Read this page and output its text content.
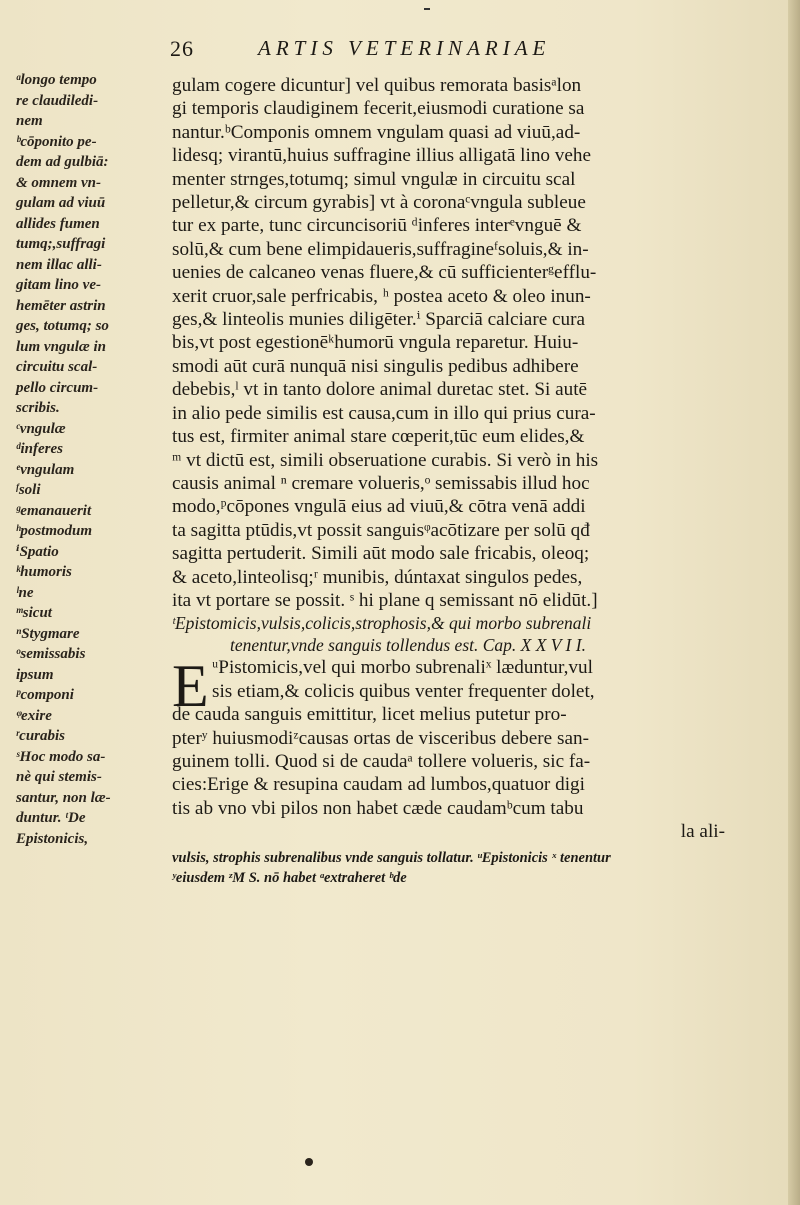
26	ARTIS VETERINARIAE
ᵃlongo tempo
re claudiledi-
nem
ᵇcōponito pe-
dem ad gulbiā:
& omnem vn-
gulam ad viuū
allides fumen
tumq;,suffragi
nem illac alli-
gitam lino ve-
hemēter astrin
ges, totumq; so
lum vngulæ in
circuitu scal-
pello circum-
scribis.
ᶜvngulæ
ᵈinferes
ᵉvngulam
ᶠsoli
ᵍemanauerit
ʰpostmodum
ⁱSpatio
ᵏhumoris
ˡne
ᵐsicut
ⁿStygmare
ᵒsemissabis
ipsum
ᵖcomponi
ᵠexire
ʳcurabis
ˢHoc modo sa-
nè qui stemis-
santur, non læ-
duntur. ᵗDe
Epistonicis,
gulam cogere dicuntur] vel quibus remorata basisᵃlon
gi temporis claudiginem fecerit,eiusmodi curatione sa
nantur.ᵇComponis omnem vngulam quasi ad viuū,ad-
lidesq; virantū,huius suffragine illius alligatā lino vehe
menter strnges,totumq; simul vngulæ in circuitu scal
pelletur,& circum gyrabis] vt à coronaᶜvngula subleue
tur ex parte, tunc circuncisoriū ᵈinferes interᵉvnguē &
solū,& cum bene elimpidaueris,suffragineᶠsoluis,& in-
uenies de calcaneo venas fluere,& cū sufficienterᵍefflu-
xerit cruor,sale perfricabis, ʰ postea aceto & oleo inun-
ges,& linteolis munies diligēter.ⁱ Sparciā calciare cura
bis,vt post egestionēᵏhumorū vngula reparetur. Huiu-
smodi aūt curā nunquā nisi singulis pedibus adhibere
debebis,ˡ vt in tanto dolore animal duretac stet. Si autē
in alio pede similis est causa,cum in illo qui prius cura-
tus est, firmiter animal stare cœperit,tūc eum elides,&
ᵐ vt dictū est, simili obseruatione curabis. Si verò in his
causis animal ⁿ cremare volueris,ᵒ semissabis illud hoc
modo,ᵖcōpones vngulā eius ad viuū,& cōtra venā addi
ta sagitta ptūdis,vt possit sanguisᵠacōtizare per solū qđ
sagitta pertuderit. Simili aūt modo sale fricabis, oleoq;
& aceto,linteolisq;ʳ munibis, dúntaxat singulos pedes,
ita vt portare se possit. ˢ hi plane q semissant nō elidūt.]
ᵗEpistomicis,vulsis,colicis,strophosis,& qui morbo subrenali
tenentur,vnde sanguis tollendus est. Cap. X X V I I.
E ᵘPistomicis,vel qui morbo subrenaliˣ læduntur,vul
sis etiam,& colicis quibus venter frequenter dolet,
de cauda sanguis emittitur, licet melius putetur pro-
pterʸ huiusmodiᶻcausas ortas de visceribus debere san-
guinem tolli. Quod si de caudaᵃ tollere volueris, sic fa-
cies:Erige & resupina caudam ad lumbos,quatuor digi
tis ab vno vbi pilos non habet cæde caudamᵇcum tabu
la ali-
vulsis, strophis subrenalibus vnde sanguis tollatur. ᵘEpistonicis ˣ tenentur
ʸeiusdem ᶻM S. nō habet ᵃextraheret ᵇde
